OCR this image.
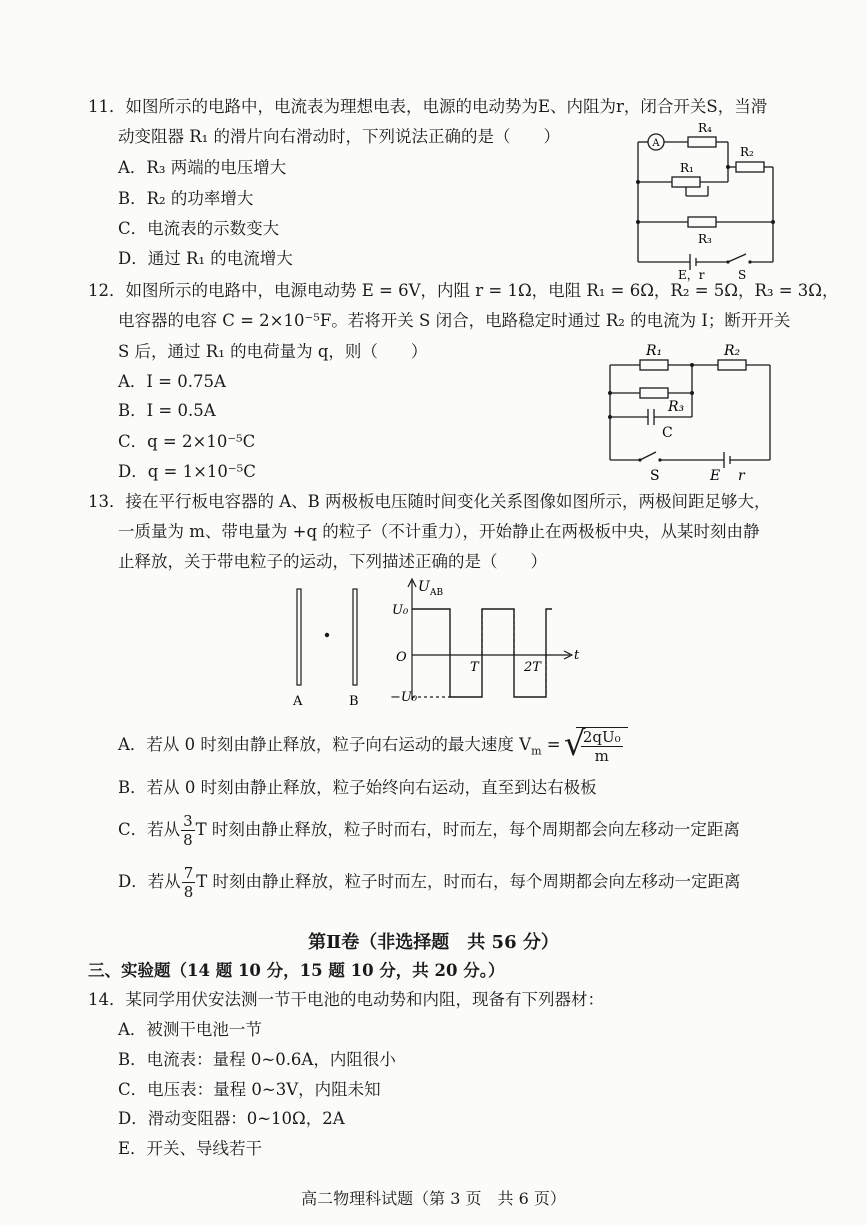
11．如图所示的电路中，电流表为理想电表，电源的电动势为E、内阻为r，闭合开关S，当滑
动变阻器 R₁ 的滑片向右滑动时，下列说法正确的是（　　）
A．R₃ 两端的电压增大
B．R₂ 的功率增大
C．电流表的示数变大
D．通过 R₁ 的电流增大
A
R₄
R₂
R₁
R₃
E，r	S
12．如图所示的电路中，电源电动势 E = 6V，内阻 r = 1Ω，电阻 R₁ = 6Ω，R₂ = 5Ω，R₃ = 3Ω，
电容器的电容 C = 2×10⁻⁵F。若将开关 S 闭合，电路稳定时通过 R₂ 的电流为 I；断开开关
S 后，通过 R₁ 的电荷量为 q，则（　　）
A．I = 0.75A
B．I = 0.5A
C．q = 2×10⁻⁵C
D．q = 1×10⁻⁵C
R₁	R₂
R₃
C
S	E r
13．接在平行板电容器的 A、B 两极板电压随时间变化关系图像如图所示，两极间距足够大，
一质量为 m、带电量为 +q 的粒子（不计重力），开始静止在两极板中央，从某时刻由静
止释放，关于带电粒子的运动，下列描述正确的是（　　）
A	B
U AB
U₀
O
−U₀
T	2T
t
A．若从 0 时刻由静止释放，粒子向右运动的最大速度 $V_m$ =
√
$\frac{\text{2qU₀}}{m}$
B．若从 0 时刻由静止释放，粒子始终向右运动，直至到达右极板
C．若从 $\frac{3}{8}$ T 时刻由静止释放，粒子时而右，时而左，每个周期都会向左移动一定距离
D．若从 $\frac{7}{8}$ T 时刻由静止释放，粒子时而左，时而右，每个周期都会向左移动一定距离
第Ⅱ卷（非选择题　共 56 分）
三、实验题（14 题 10 分，15 题 10 分，共 20 分。）
14．某同学用伏安法测一节干电池的电动势和内阻，现备有下列器材：
A．被测干电池一节
B．电流表：量程 0~0.6A，内阻很小
C．电压表：量程 0~3V，内阻未知
D．滑动变阻器：0~10Ω，2A
E．开关、导线若干
高二物理科试题（第 3 页　共 6 页）
